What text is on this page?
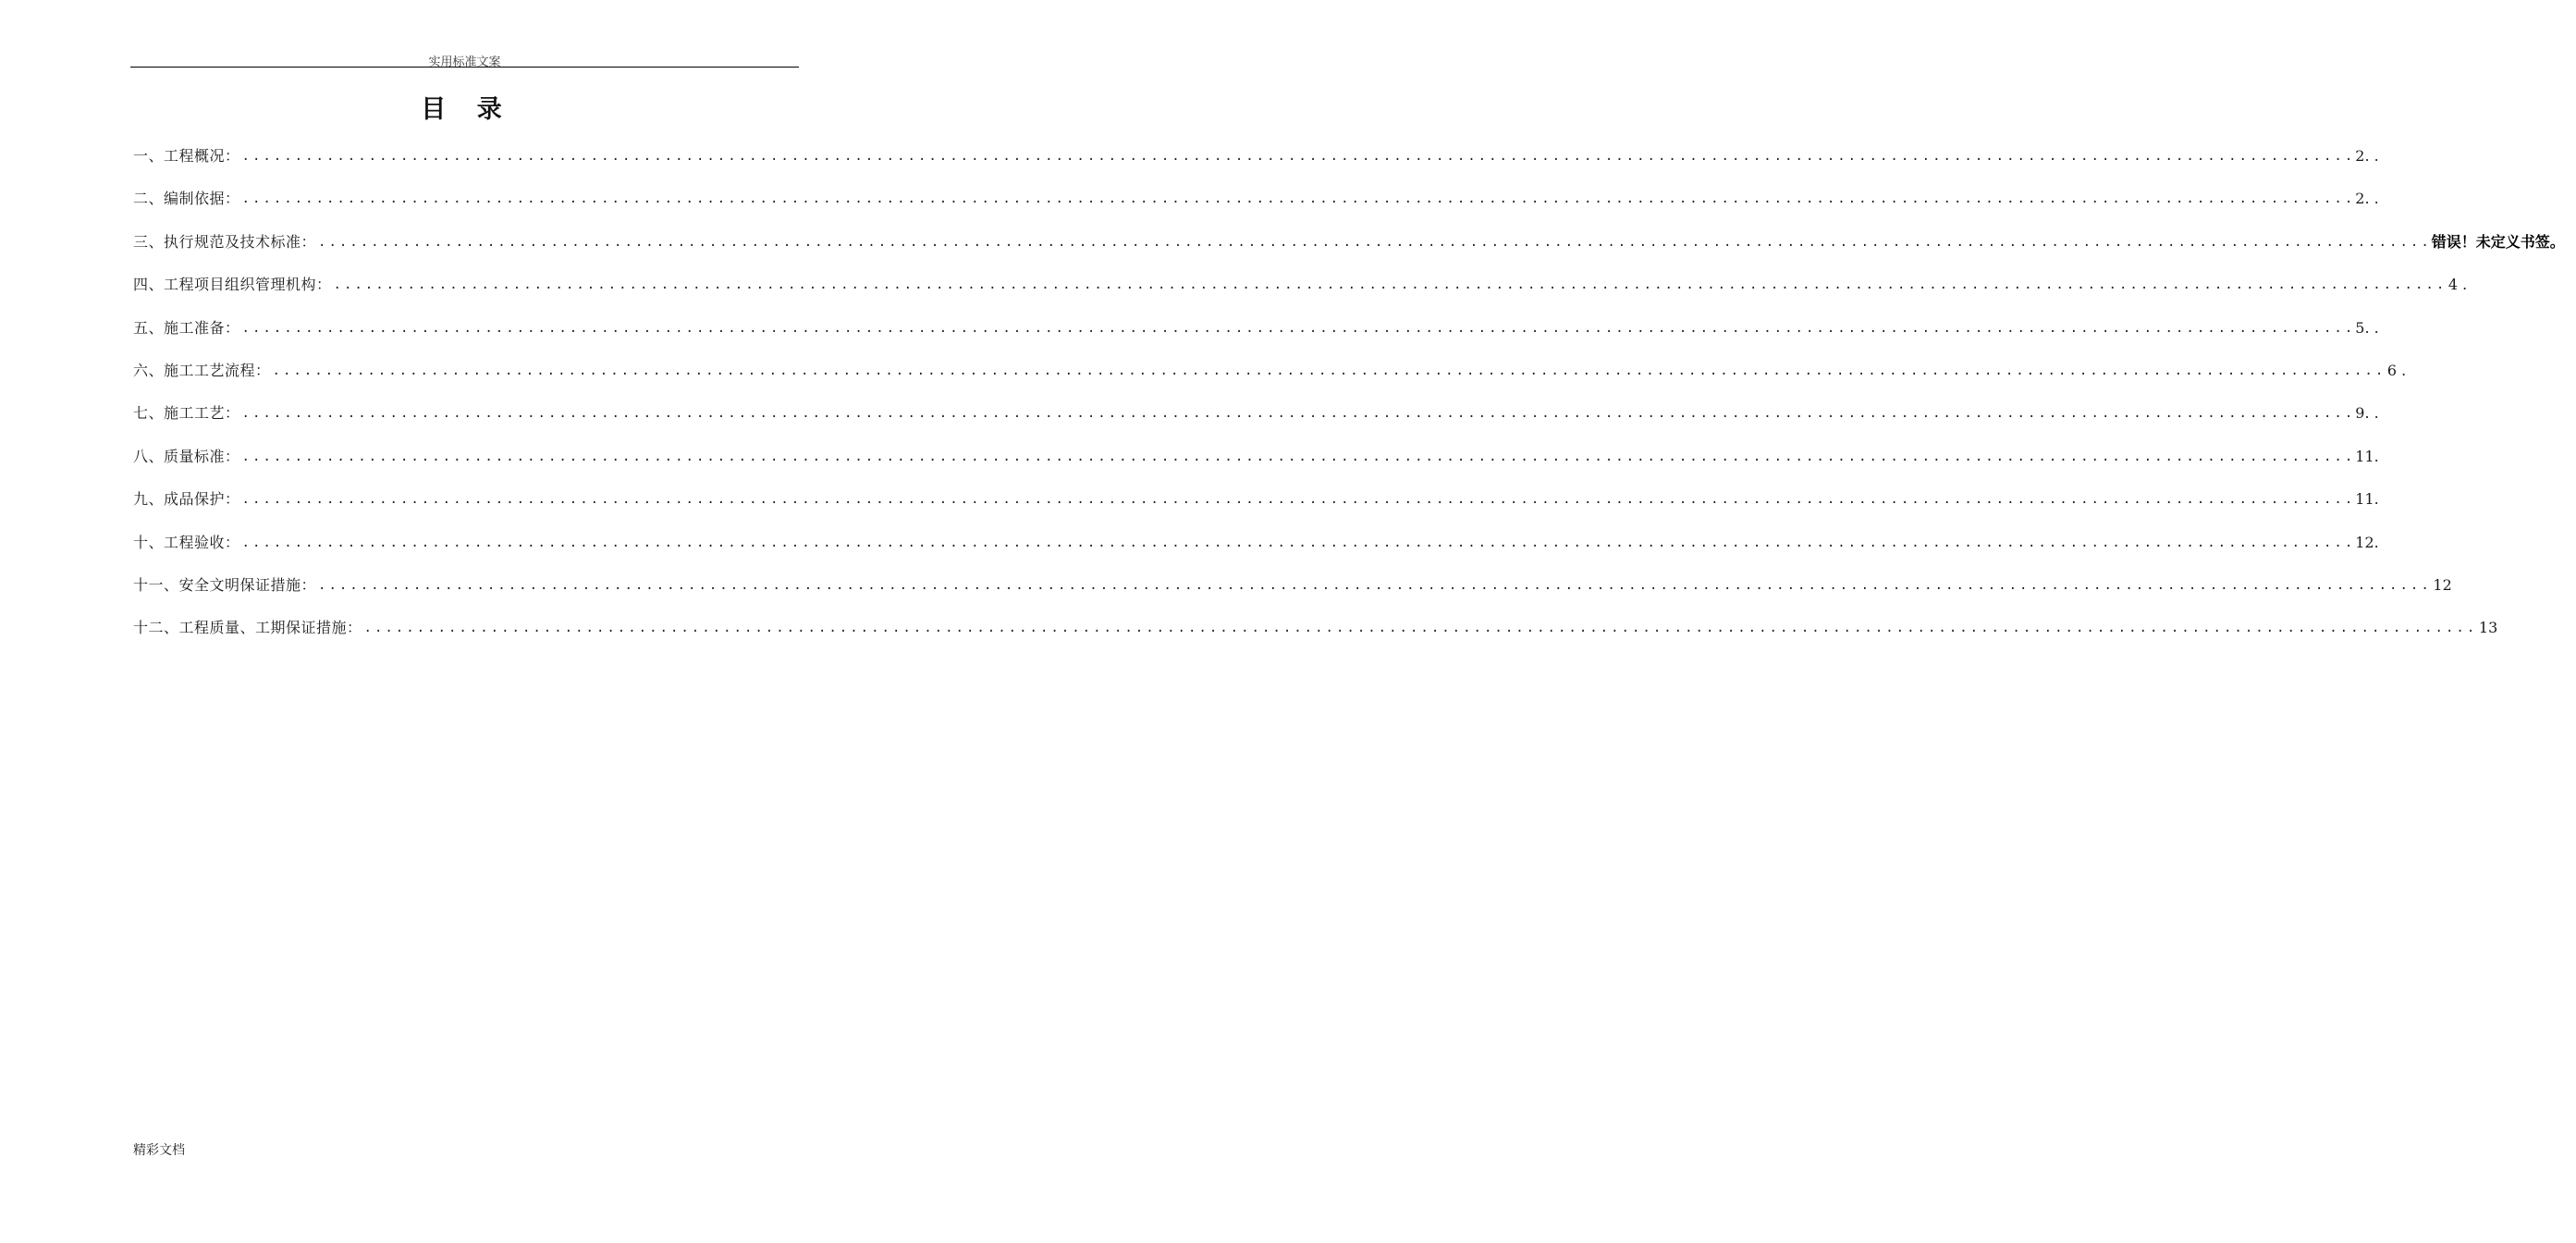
实用标准文案
目 录
一、工程概况： ........................................................................................................................................................................................................ 2. .
二、编制依据： ........................................................................................................................................................................................................ 2. .
三、执行规范及技术标准： ........................................................................................................................................................................................................ 错误！未定义书签。
四、工程项目组织管理机构： ........................................................................................................................................................................................................ 4 .
五、施工准备： ........................................................................................................................................................................................................ 5. .
六、施工工艺流程： ........................................................................................................................................................................................................ 6 .
七、施工工艺： ........................................................................................................................................................................................................ 9. .
八、质量标准： ........................................................................................................................................................................................................ 11.
九、成品保护： ........................................................................................................................................................................................................ 11.
十、工程验收： ........................................................................................................................................................................................................ 12.
十一、安全文明保证措施： ........................................................................................................................................................................................................ 12
十二、工程质量、工期保证措施： ........................................................................................................................................................................................................ 13
精彩文档
